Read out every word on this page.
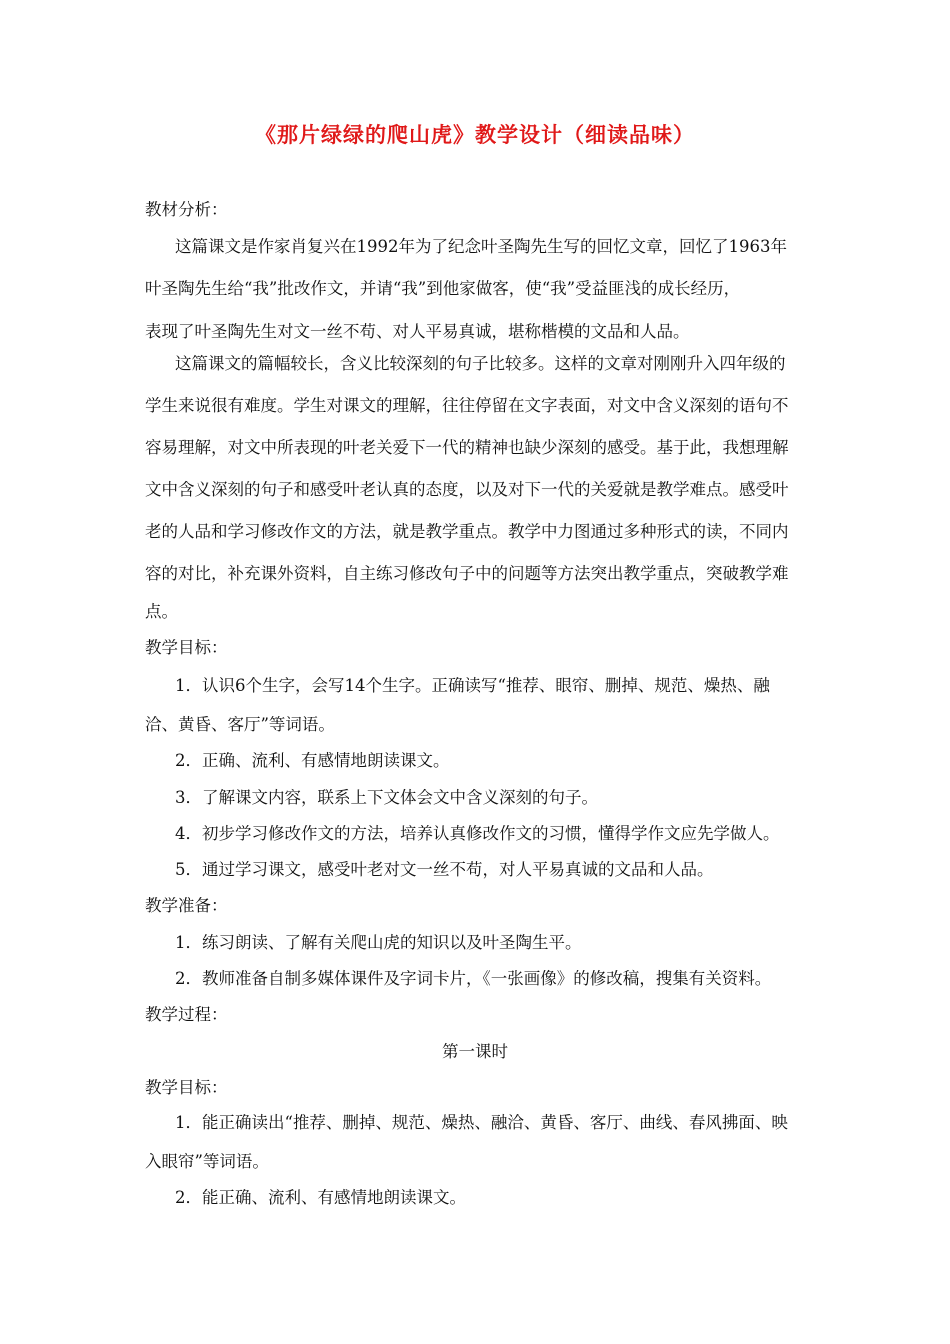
《那片绿绿的爬山虎》教学设计（细读品味）
教材分析：
这篇课文是作家肖复兴在1992年为了纪念叶圣陶先生写的回忆文章，回忆了1963年
叶圣陶先生给“我”批改作文，并请“我”到他家做客，使“我”受益匪浅的成长经历，
表现了叶圣陶先生对文一丝不苟、对人平易真诚，堪称楷模的文品和人品。
这篇课文的篇幅较长，含义比较深刻的句子比较多。这样的文章对刚刚升入四年级的
学生来说很有难度。学生对课文的理解，往往停留在文字表面，对文中含义深刻的语句不
容易理解，对文中所表现的叶老关爱下一代的精神也缺少深刻的感受。基于此，我想理解
文中含义深刻的句子和感受叶老认真的态度，以及对下一代的关爱就是教学难点。感受叶
老的人品和学习修改作文的方法，就是教学重点。教学中力图通过多种形式的读，不同内
容的对比，补充课外资料，自主练习修改句子中的问题等方法突出教学重点，突破教学难
点。
教学目标：
1．认识6个生字，会写14个生字。正确读写“推荐、眼帘、删掉、规范、燥热、融
洽、黄昏、客厅”等词语。
2．正确、流利、有感情地朗读课文。
3．了解课文内容，联系上下文体会文中含义深刻的句子。
4．初步学习修改作文的方法，培养认真修改作文的习惯，懂得学作文应先学做人。
5．通过学习课文，感受叶老对文一丝不苟，对人平易真诚的文品和人品。
教学准备：
1．练习朗读、了解有关爬山虎的知识以及叶圣陶生平。
2．教师准备自制多媒体课件及字词卡片，《一张画像》的修改稿，搜集有关资料。
教学过程：
第一课时
教学目标：
1．能正确读出“推荐、删掉、规范、燥热、融洽、黄昏、客厅、曲线、春风拂面、映
入眼帘”等词语。
2．能正确、流利、有感情地朗读课文。
